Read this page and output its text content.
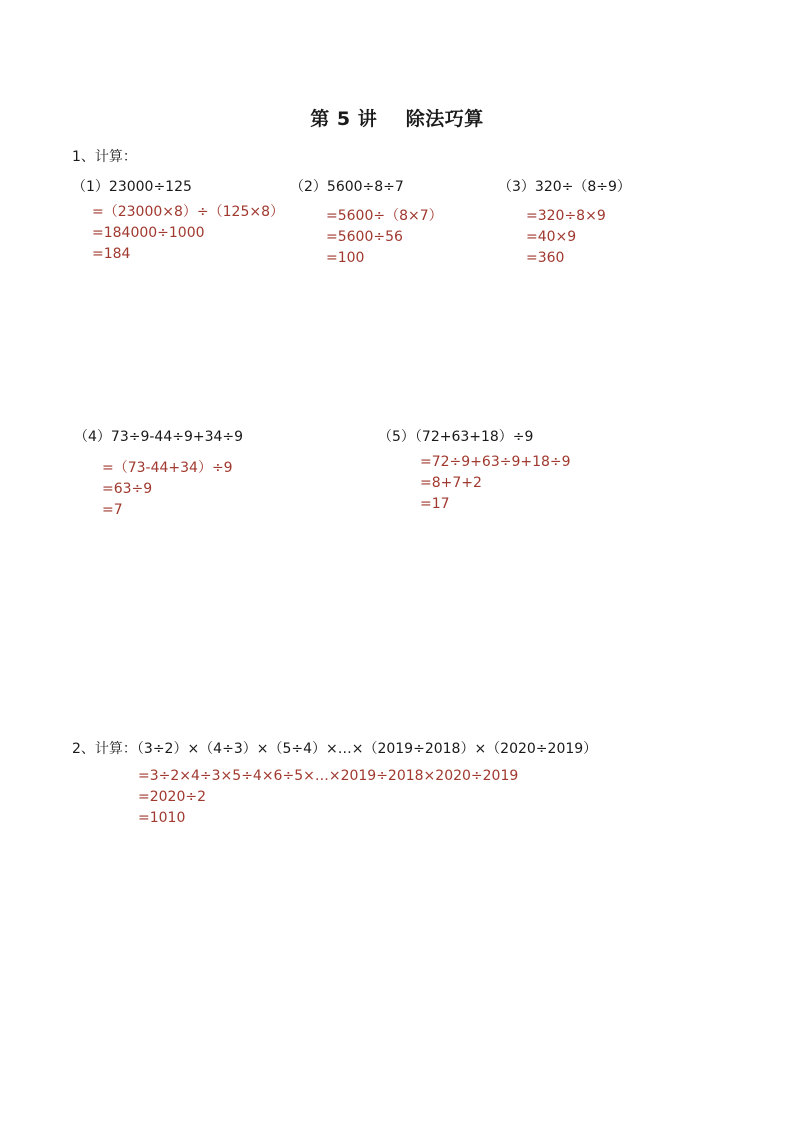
第 5 讲    除法巧算
1、计算：
（1）23000÷125
=（23000×8）÷（125×8）
=184000÷1000
=184
（2）5600÷8÷7
=5600÷（8×7）
=5600÷56
=100
（3）320÷（8÷9）
=320÷8×9
=40×9
=360
（4）73÷9-44÷9+34÷9
=（73-44+34）÷9
=63÷9
=7
（5）（72+63+18）÷9
=72÷9+63÷9+18÷9
=8+7+2
=17
2、计算：（3÷2）×（4÷3）×（5÷4）×…×（2019÷2018）×（2020÷2019）
=3÷2×4÷3×5÷4×6÷5×…×2019÷2018×2020÷2019
=2020÷2
=1010
